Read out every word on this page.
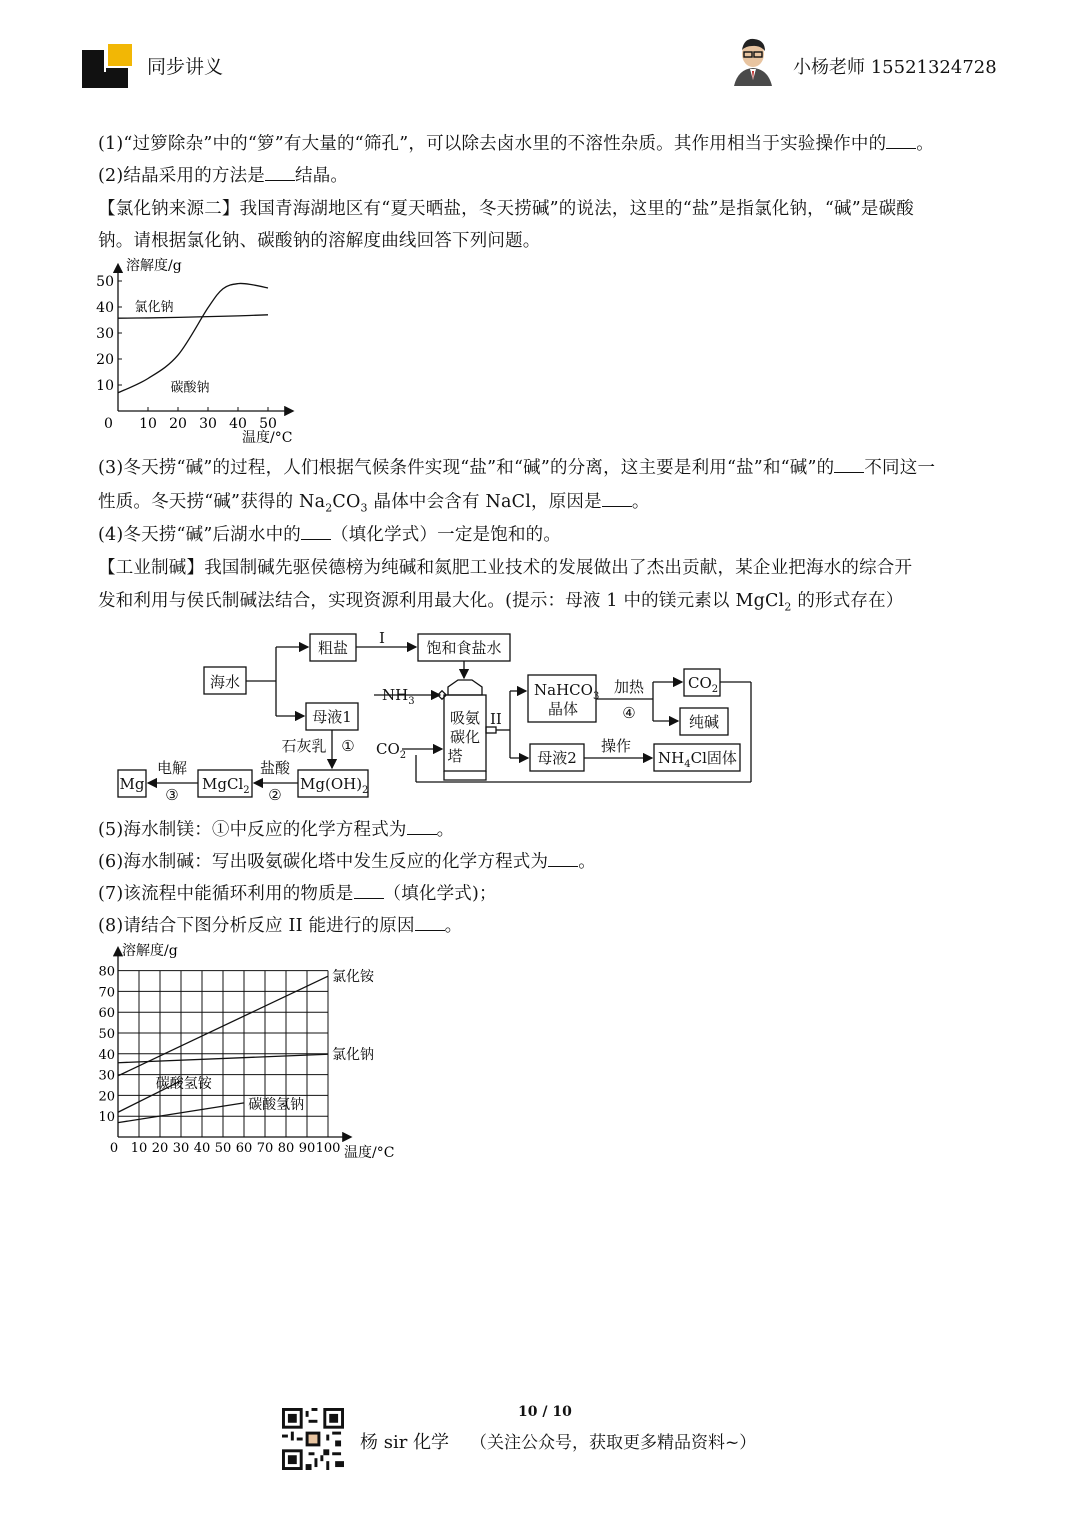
同步讲义	小杨老师 15521324728
(1)“过箩除杂”中的“箩”有大量的“筛孔”，可以除去卤水里的不溶性杂质。其作用相当于实验操作中的 。
(2)结晶采用的方法是 结晶。
【氯化钠来源二】我国青海湖地区有“夏天晒盐，冬天捞碱”的说法，这里的“盐”是指氯化钠，“碱”是碳酸
钠。请根据氯化钠、碳酸钠的溶解度曲线回答下列问题。
溶解度/g
温度/°C
0 10 20 30 40 50
10
20
30
40
50
氯化钠
碳酸钠
(3)冬天捞“碱”的过程，人们根据气候条件实现“盐”和“碱”的分离，这主要是利用“盐”和“碱”的 不同这一
性质。冬天捞“碱”获得的 $Na_2CO_3$ 晶体中会含有 NaCl，原因是 。
(4)冬天捞“碱”后湖水中的 （填化学式）一定是饱和的。
【工业制碱】我国制碱先驱侯德榜为纯碱和氮肥工业技术的发展做出了杰出贡献，某企业把海水的综合开
发和利用与侯氏制碱法结合，实现资源利用最大化。(提示：母液 1 中的镁元素以 MgCl$_2$ 的形式存在）
海水
粗盐
I
饱和食盐水
$NH_3$
吸氨
碳化
塔
II
$CO_2$
NaHCO$_3$
晶体
加热
④
$CO_2$
纯碱
母液2
操作
$NH_4Cl$固体
母液1
石灰乳 ①
$Mg(OH)_2$
盐酸
②
MgCl$_2$
电解
③
Mg
(5)海水制镁：①中反应的化学方程式为 。
(6)海水制碱：写出吸氨碳化塔中发生反应的化学方程式为 。
(7)该流程中能循环利用的物质是 （填化学式)；
(8)请结合下图分析反应 II 能进行的原因 。
溶解度/g
温度/°C
0 10 20 30 40 50 60 70 80 90 100
10
20
30
40
50
60
70
80	氯化铵
氯化钠
碳酸氢铵
碳酸氢钠
10 / 10
杨 sir 化学 （关注公众号，获取更多精品资料~）
